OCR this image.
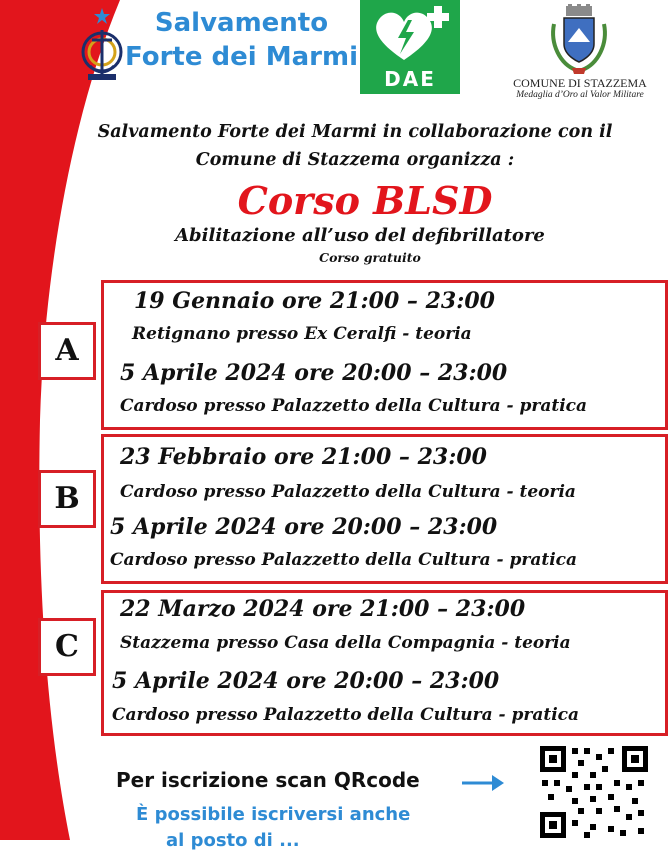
Salvamento
Forte dei Marmi
DAE	COMUNE DI STAZZEMA
Medaglia d’Oro al Valor Militare
Salvamento Forte dei Marmi in collaborazione con il
Comune di Stazzema organizza :
Corso BLSD
Abilitazione all’uso del defibrillatore
Corso gratuito
A
19 Gennaio ore 21:00 – 23:00
Retignano presso Ex Ceralfi - teoria
5 Aprile 2024 ore 20:00 – 23:00
Cardoso presso Palazzetto della Cultura - pratica
B
23 Febbraio ore 21:00 – 23:00
Cardoso presso Palazzetto della Cultura - teoria
5 Aprile 2024 ore 20:00 – 23:00
Cardoso presso Palazzetto della Cultura - pratica
C
22 Marzo 2024 ore 21:00 – 23:00
Stazzema presso Casa della Compagnia - teoria
5 Aprile 2024 ore 20:00 – 23:00
Cardoso presso Palazzetto della Cultura - pratica
Per iscrizione scan QRcode
È possibile iscriversi anche
al posto di ...
